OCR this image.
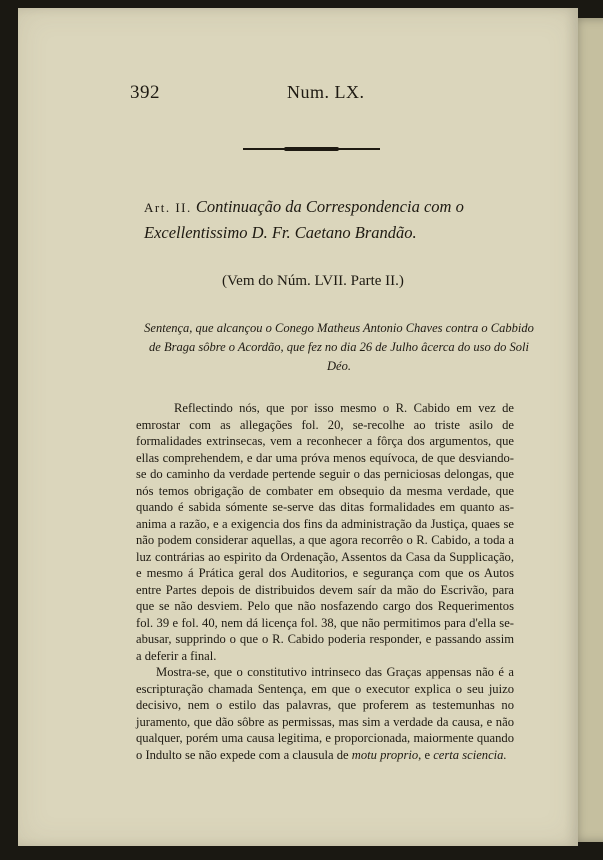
392	Num. LX.
Art. II. Continuação da Correspondencia com o Excellentissimo D. Fr. Caetano Brandão.
(Vem do Núm. LVII. Parte II.)
Sentença, que alcançou o Conego Matheus Antonio Chaves contra o Cabbido de Braga sôbre o Acordão, que fez no dia 26 de Julho âcerca do uso do Soli Déo.

Reflectindo nós, que por isso mesmo o R. Cabido em vez de emrostar com as allegações fol. 20, se-recolhe ao triste asilo de formalidades extrinsecas, vem a reconhecer a fôrça dos argumentos, que ellas comprehendem, e dar uma próva menos equívoca, de que desviando-se do caminho da verdade pertende seguir o das perniciosas delongas, que nós temos obrigação de combater em obsequio da mesma verdade, que quando é sabida sómente se-serve das ditas formalidades em quanto as-anima a razão, e a exigencia dos fins da administração da Justiça, quaes se não podem considerar aquellas, a que agora recorrêo o R. Cabido, a toda a luz contrárias ao espirito da Ordenação, Assentos da Casa da Supplicação, e mesmo á Prática geral dos Auditorios, e segurança com que os Autos entre Partes depois de distribuidos devem saír da mão do Escrivão, para que se não desviem. Pelo que não nosfazendo cargo dos Requerimentos fol. 39 e fol. 40, nem dá licença fol. 38, que não permitimos para d'ella se-abusar, supprindo o que o R. Cabido poderia responder, e passando assim a deferir a final.

Mostra-se, que o constitutivo intrinseco das Graças appensas não é a escripturação chamada Sentença, em que o executor explica o seu juizo decisivo, nem o estilo das palavras, que proferem as testemunhas no juramento, que dão sôbre as permissas, mas sim a verdade da causa, e não qualquer, porém uma causa legitima, e proporcionada, maiormente quando o Indulto se não expede com a clausula de motu proprio, e certa sciencia.
